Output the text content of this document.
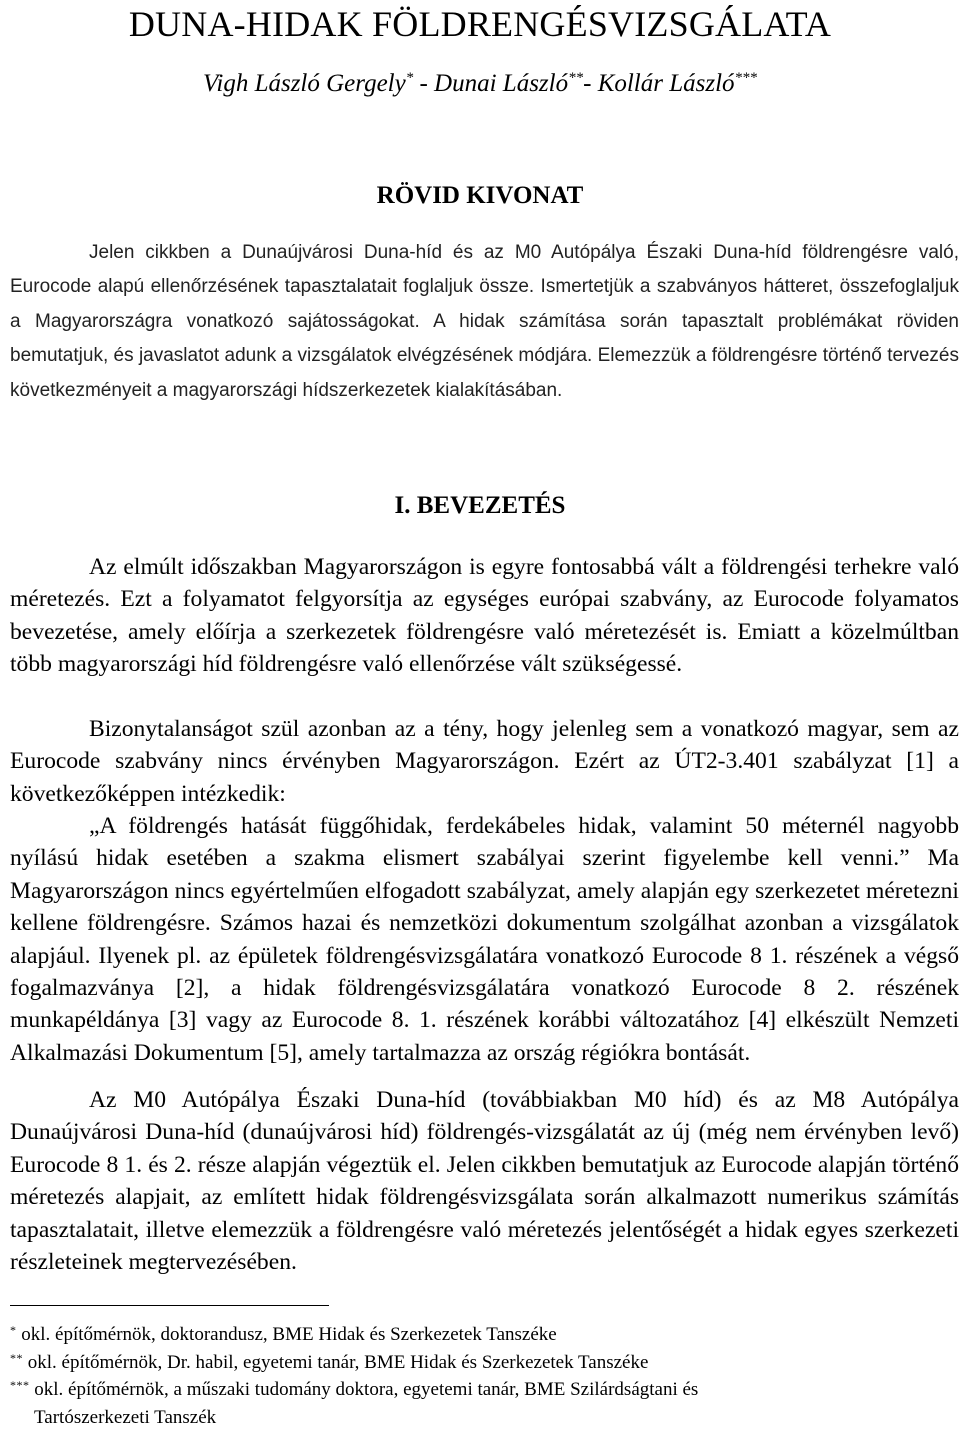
DUNA-HIDAK FÖLDRENGÉSVIZSGÁLATA
Vigh László Gergely* - Dunai László**- Kollár László***
RÖVID KIVONAT

Jelen cikkben a Dunaújvárosi Duna-híd és az M0 Autópálya Északi Duna-híd földrengésre való, Eurocode alapú ellenőrzésének tapasztalatait foglaljuk össze. Ismertetjük a szabványos hátteret, összefoglaljuk a Magyarországra vonatkozó sajátosságokat. A hidak számítása során tapasztalt problémákat röviden bemutatjuk, és javaslatot adunk a vizsgálatok elvégzésének módjára. Elemezzük a földrengésre történő tervezés következményeit a magyarországi hídszerkezetek kialakításában.

I. BEVEZETÉS

Az elmúlt időszakban Magyarországon is egyre fontosabbá vált a földrengési terhekre való méretezés. Ezt a folyamatot felgyorsítja az egységes európai szabvány, az Eurocode folyamatos bevezetése, amely előírja a szerkezetek földrengésre való méretezését is. Emiatt a közelmúltban több magyarországi híd földrengésre való ellenőrzése vált szükségessé.

Bizonytalanságot szül azonban az a tény, hogy jelenleg sem a vonatkozó magyar, sem az Eurocode szabvány nincs érvényben Magyarországon. Ezért az ÚT2-3.401 szabályzat [1] a következőképpen intézkedik:

„A földrengés hatását függőhidak, ferdekábeles hidak, valamint 50 méternél nagyobb nyílású hidak esetében a szakma elismert szabályai szerint figyelembe kell venni.” Ma Magyarországon nincs egyértelműen elfogadott szabályzat, amely alapján egy szerkezetet méretezni kellene földrengésre. Számos hazai és nemzetközi dokumentum szolgálhat azonban a vizsgálatok alapjául. Ilyenek pl. az épületek földrengésvizsgálatára vonatkozó Eurocode 8 1. részének a végső fogalmazványa [2], a hidak földrengésvizsgálatára vonatkozó Eurocode 8 2. részének munkapéldánya [3] vagy az Eurocode 8. 1. részének korábbi változatához [4] elkészült Nemzeti Alkalmazási Dokumentum [5], amely tartalmazza az ország régiókra bontását.

Az M0 Autópálya Északi Duna-híd (továbbiakban M0 híd) és az M8 Autópálya Dunaújvárosi Duna-híd (dunaújvárosi híd) földrengés-vizsgálatát az új (még nem érvényben levő) Eurocode 8 1. és 2. része alapján végeztük el. Jelen cikkben bemutatjuk az Eurocode alapján történő méretezés alapjait, az említett hidak földrengésvizsgálata során alkalmazott numerikus számítás tapasztalatait, illetve elemezzük a földrengésre való méretezés jelentőségét a hidak egyes szerkezeti részleteinek megtervezésében.

* okl. építőmérnök, doktorandusz, BME Hidak és Szerkezetek Tanszéke

** okl. építőmérnök, Dr. habil, egyetemi tanár, BME Hidak és Szerkezetek Tanszéke

*** okl. építőmérnök, a műszaki tudomány doktora, egyetemi tanár, BME Szilárdságtani és
Tartószerkezeti Tanszék
